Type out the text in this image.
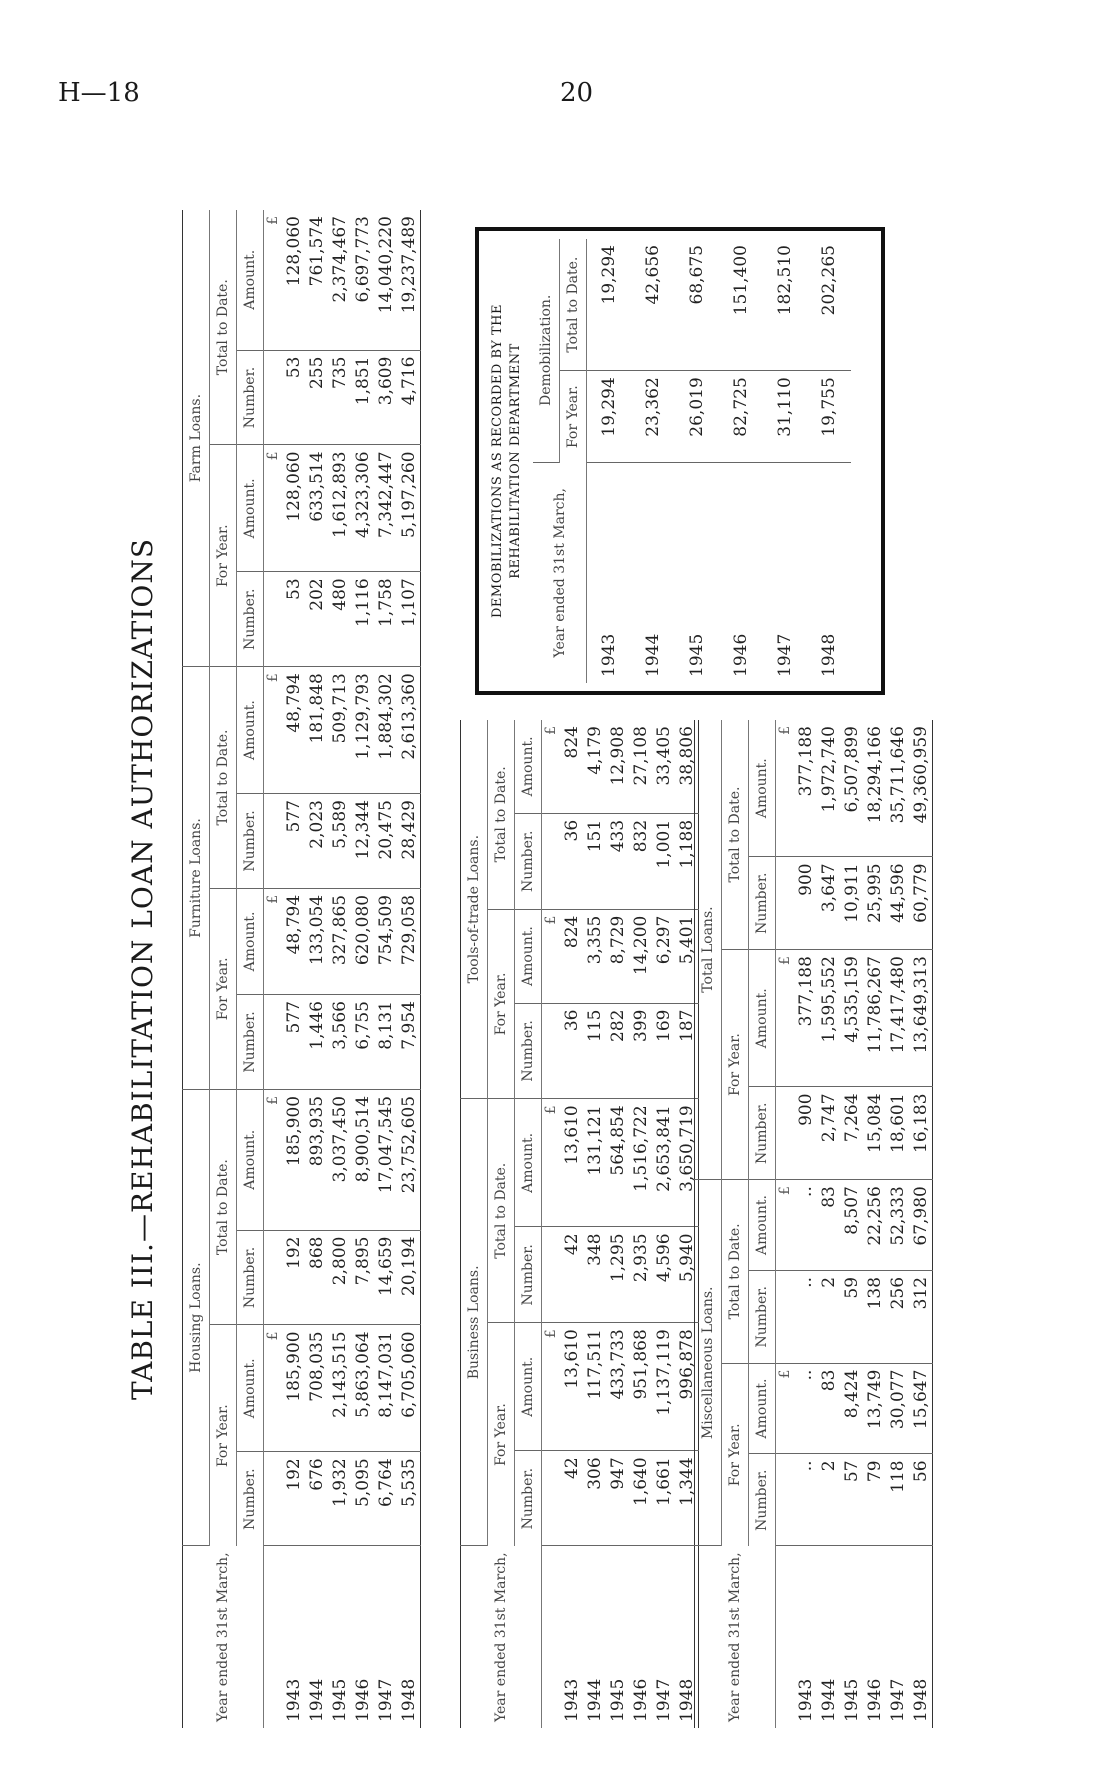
H—18	20
TABLE III.—REHABILITATION LOAN AUTHORIZATIONS
Year ended 31st March,	Housing Loans.				Furniture Loans.				Farm Loans.			
	For Year.		Total to Date.		For Year.		Total to Date.		For Year.		Total to Date.	
	Number.	Amount.	Number.	Amount.	Number.	Amount.	Number.	Amount.	Number.	Amount.	Number.	Amount.
		£		£		£		£		£		£
1943	192	185,900	192	185,900	577	48,794	577	48,794	53	128,060	53	128,060
1944	676	708,035	868	893,935	1,446	133,054	2,023	181,848	202	633,514	255	761,574
1945	1,932	2,143,515	2,800	3,037,450	3,566	327,865	5,589	509,713	480	1,612,893	735	2,374,467
1946	5,095	5,863,064	7,895	8,900,514	6,755	620,080	12,344	1,129,793	1,116	4,323,306	1,851	6,697,773
1947	6,764	8,147,031	14,659	17,047,545	8,131	754,509	20,475	1,884,302	1,758	7,342,447	3,609	14,040,220
1948	5,535	6,705,060	20,194	23,752,605	7,954	729,058	28,429	2,613,360	1,107	5,197,260	4,716	19,237,489
Year ended 31st March,	Business Loans.				Tools-of-trade Loans.			
	For Year.		Total to Date.		For Year.		Total to Date.	
	Number.	Amount.	Number.	Amount.	Number.	Amount.	Number.	Amount.
		£		£		£		£
1943	42	13,610	42	13,610	36	824	36	824
1944	306	117,511	348	131,121	115	3,355	151	4,179
1945	947	433,733	1,295	564,854	282	8,729	433	12,908
1946	1,640	951,868	2,935	1,516,722	399	14,200	832	27,108
1947	1,661	1,137,119	4,596	2,653,841	169	6,297	1,001	33,405
1948	1,344	996,878	5,940	3,650,719	187	5,401	1,188	38,806
Year ended 31st March,	Miscellaneous Loans.				Total Loans.			
	For Year.		Total to Date.		For Year.		Total to Date.	
	Number.	Amount.	Number.	Amount.	Number.	Amount.	Number.	Amount.
		£		£		£		£
1943	..	..	..	..	900	377,188	900	377,188
1944	2	83	2	83	2,747	1,595,552	3,647	1,972,740
1945	57	8,424	59	8,507	7,264	4,535,159	10,911	6,507,899
1946	79	13,749	138	22,256	15,084	11,786,267	25,995	18,294,166
1947	118	30,077	256	52,333	18,601	17,417,480	44,596	35,711,646
1948	56	15,647	312	67,980	16,183	13,649,313	60,779	49,360,959
DEMOBILIZATIONS AS RECORDED BY THE REHABILITATION DEPARTMENT Year ended 31st March,	Demobilization.	
	For Year.	Total to Date.
1943	19,294	19,294
1944	23,362	42,656
1945	26,019	68,675
1946	82,725	151,400
1947	31,110	182,510
1948	19,755	202,265
